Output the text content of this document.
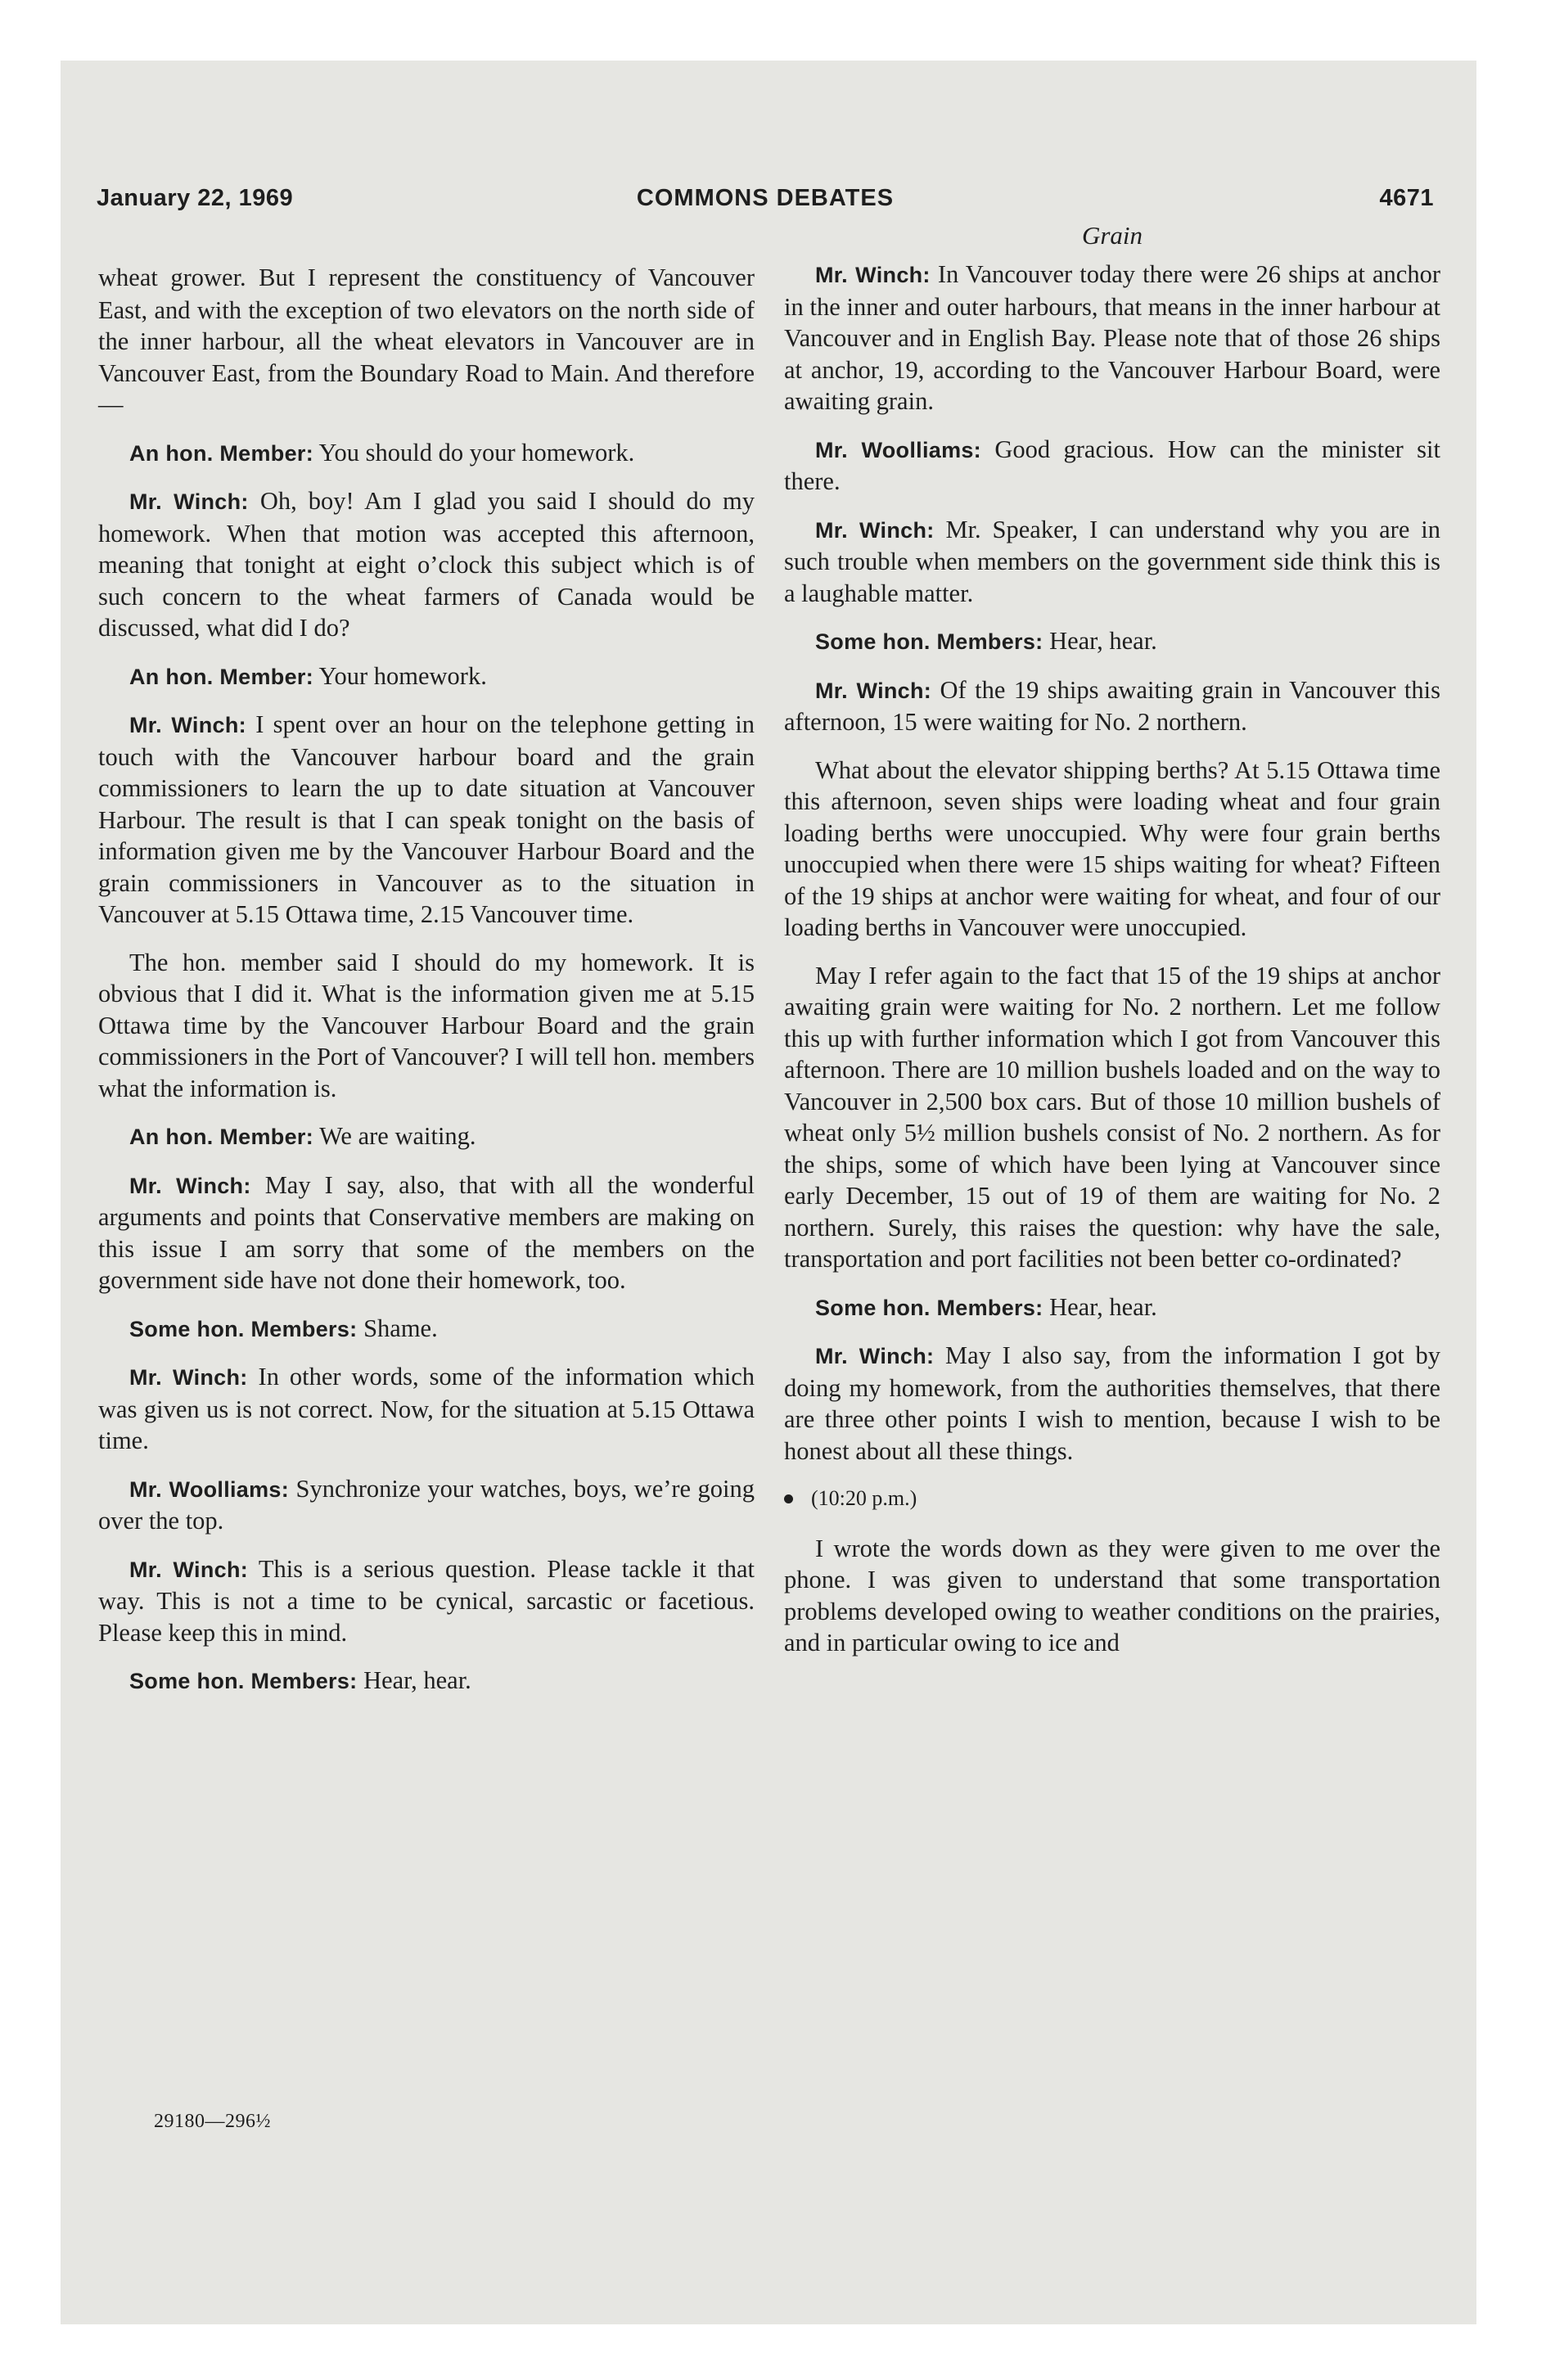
January 22, 1969	COMMONS DEBATES	4671

wheat grower. But I represent the constituency of Vancouver East, and with the exception of two elevators on the north side of the inner harbour, all the wheat elevators in Vancouver are in Vancouver East, from the Boundary Road to Main. And therefore—

An hon. Member: You should do your homework.

Mr. Winch: Oh, boy! Am I glad you said I should do my homework. When that motion was accepted this afternoon, meaning that tonight at eight o’clock this subject which is of such concern to the wheat farmers of Canada would be discussed, what did I do?

An hon. Member: Your homework.

Mr. Winch: I spent over an hour on the telephone getting in touch with the Vancouver harbour board and the grain commissioners to learn the up to date situation at Vancouver Harbour. The result is that I can speak tonight on the basis of information given me by the Vancouver Harbour Board and the grain commissioners in Vancouver as to the situation in Vancouver at 5.15 Ottawa time, 2.15 Vancouver time.

The hon. member said I should do my homework. It is obvious that I did it. What is the information given me at 5.15 Ottawa time by the Vancouver Harbour Board and the grain commissioners in the Port of Vancouver? I will tell hon. members what the information is.

An hon. Member: We are waiting.

Mr. Winch: May I say, also, that with all the wonderful arguments and points that Conservative members are making on this issue I am sorry that some of the members on the government side have not done their homework, too.

Some hon. Members: Shame.

Mr. Winch: In other words, some of the information which was given us is not correct. Now, for the situation at 5.15 Ottawa time.

Mr. Woolliams: Synchronize your watches, boys, we’re going over the top.

Mr. Winch: This is a serious question. Please tackle it that way. This is not a time to be cynical, sarcastic or facetious. Please keep this in mind.

Some hon. Members: Hear, hear.

29180—296½
Grain

Mr. Winch: In Vancouver today there were 26 ships at anchor in the inner and outer harbours, that means in the inner harbour at Vancouver and in English Bay. Please note that of those 26 ships at anchor, 19, according to the Vancouver Harbour Board, were awaiting grain.

Mr. Woolliams: Good gracious. How can the minister sit there.

Mr. Winch: Mr. Speaker, I can understand why you are in such trouble when members on the government side think this is a laughable matter.

Some hon. Members: Hear, hear.

Mr. Winch: Of the 19 ships awaiting grain in Vancouver this afternoon, 15 were waiting for No. 2 northern.

What about the elevator shipping berths? At 5.15 Ottawa time this afternoon, seven ships were loading wheat and four grain loading berths were unoccupied. Why were four grain berths unoccupied when there were 15 ships waiting for wheat? Fifteen of the 19 ships at anchor were waiting for wheat, and four of our loading berths in Vancouver were unoccupied.

May I refer again to the fact that 15 of the 19 ships at anchor awaiting grain were waiting for No. 2 northern. Let me follow this up with further information which I got from Vancouver this afternoon. There are 10 million bushels loaded and on the way to Vancouver in 2,500 box cars. But of those 10 million bushels of wheat only 5½ million bushels consist of No. 2 northern. As for the ships, some of which have been lying at Vancouver since early December, 15 out of 19 of them are waiting for No. 2 northern. Surely, this raises the question: why have the sale, transportation and port facilities not been better co-ordinated?

Some hon. Members: Hear, hear.

Mr. Winch: May I also say, from the information I got by doing my homework, from the authorities themselves, that there are three other points I wish to mention, because I wish to be honest about all these things.

(10:20 p.m.)

I wrote the words down as they were given to me over the phone. I was given to understand that some transportation problems developed owing to weather conditions on the prairies, and in particular owing to ice and
